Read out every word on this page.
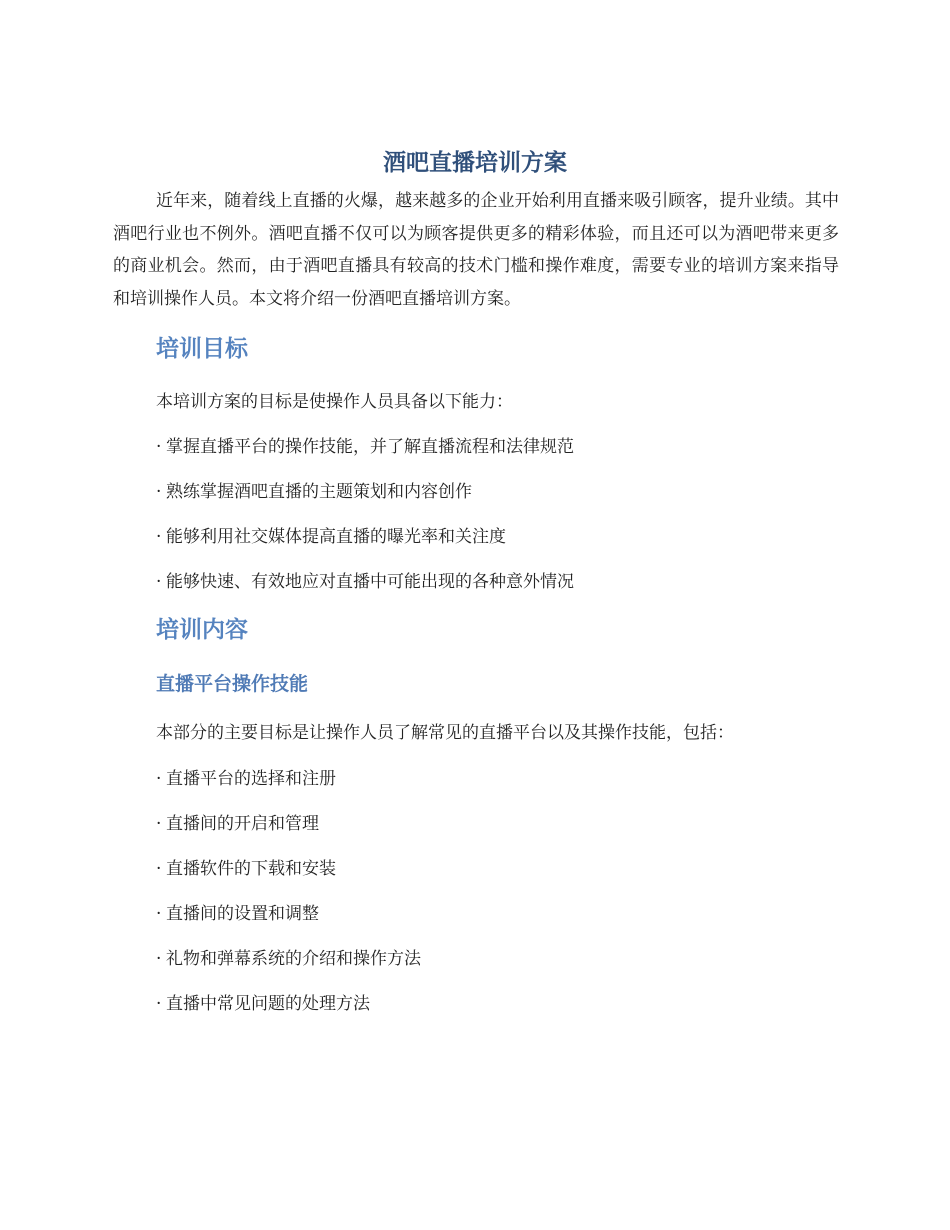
酒吧直播培训方案

近年来，随着线上直播的火爆，越来越多的企业开始利用直播来吸引顾客，提升业绩。其中酒吧行业也不例外。酒吧直播不仅可以为顾客提供更多的精彩体验，而且还可以为酒吧带来更多的商业机会。然而，由于酒吧直播具有较高的技术门槛和操作难度，需要专业的培训方案来指导和培训操作人员。本文将介绍一份酒吧直播培训方案。

培训目标

本培训方案的目标是使操作人员具备以下能力：

· 掌握直播平台的操作技能，并了解直播流程和法律规范

· 熟练掌握酒吧直播的主题策划和内容创作

· 能够利用社交媒体提高直播的曝光率和关注度

· 能够快速、有效地应对直播中可能出现的各种意外情况

培训内容
直播平台操作技能

本部分的主要目标是让操作人员了解常见的直播平台以及其操作技能，包括：

· 直播平台的选择和注册

· 直播间的开启和管理

· 直播软件的下载和安装

· 直播间的设置和调整

· 礼物和弹幕系统的介绍和操作方法

· 直播中常见问题的处理方法
